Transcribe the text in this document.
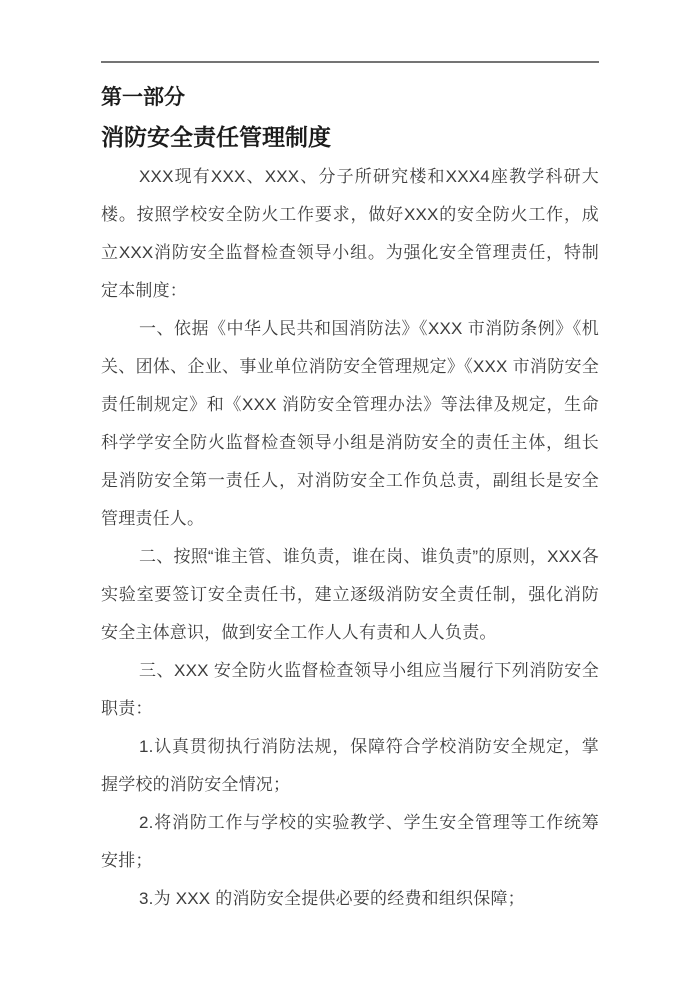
第一部分
消防安全责任管理制度

XXX现有XXX、XXX、分子所研究楼和XXX4座教学科研大楼。按照学校安全防火工作要求，做好XXX的安全防火工作，成立XXX消防安全监督检查领导小组。为强化安全管理责任，特制定本制度：

一、依据《中华人民共和国消防法》《XXX 市消防条例》《机关、团体、企业、事业单位消防安全管理规定》《XXX 市消防安全责任制规定》和《XXX 消防安全管理办法》等法律及规定，生命科学学安全防火监督检查领导小组是消防安全的责任主体，组长是消防安全第一责任人，对消防安全工作负总责，副组长是安全管理责任人。

二、按照“谁主管、谁负责，谁在岗、谁负责”的原则，XXX各实验室要签订安全责任书，建立逐级消防安全责任制，强化消防安全主体意识，做到安全工作人人有责和人人负责。

三、XXX 安全防火监督检查领导小组应当履行下列消防安全职责：

1.认真贯彻执行消防法规，保障符合学校消防安全规定，掌握学校的消防安全情况；

2.将消防工作与学校的实验教学、学生安全管理等工作统筹安排；

3.为 XXX 的消防安全提供必要的经费和组织保障；
